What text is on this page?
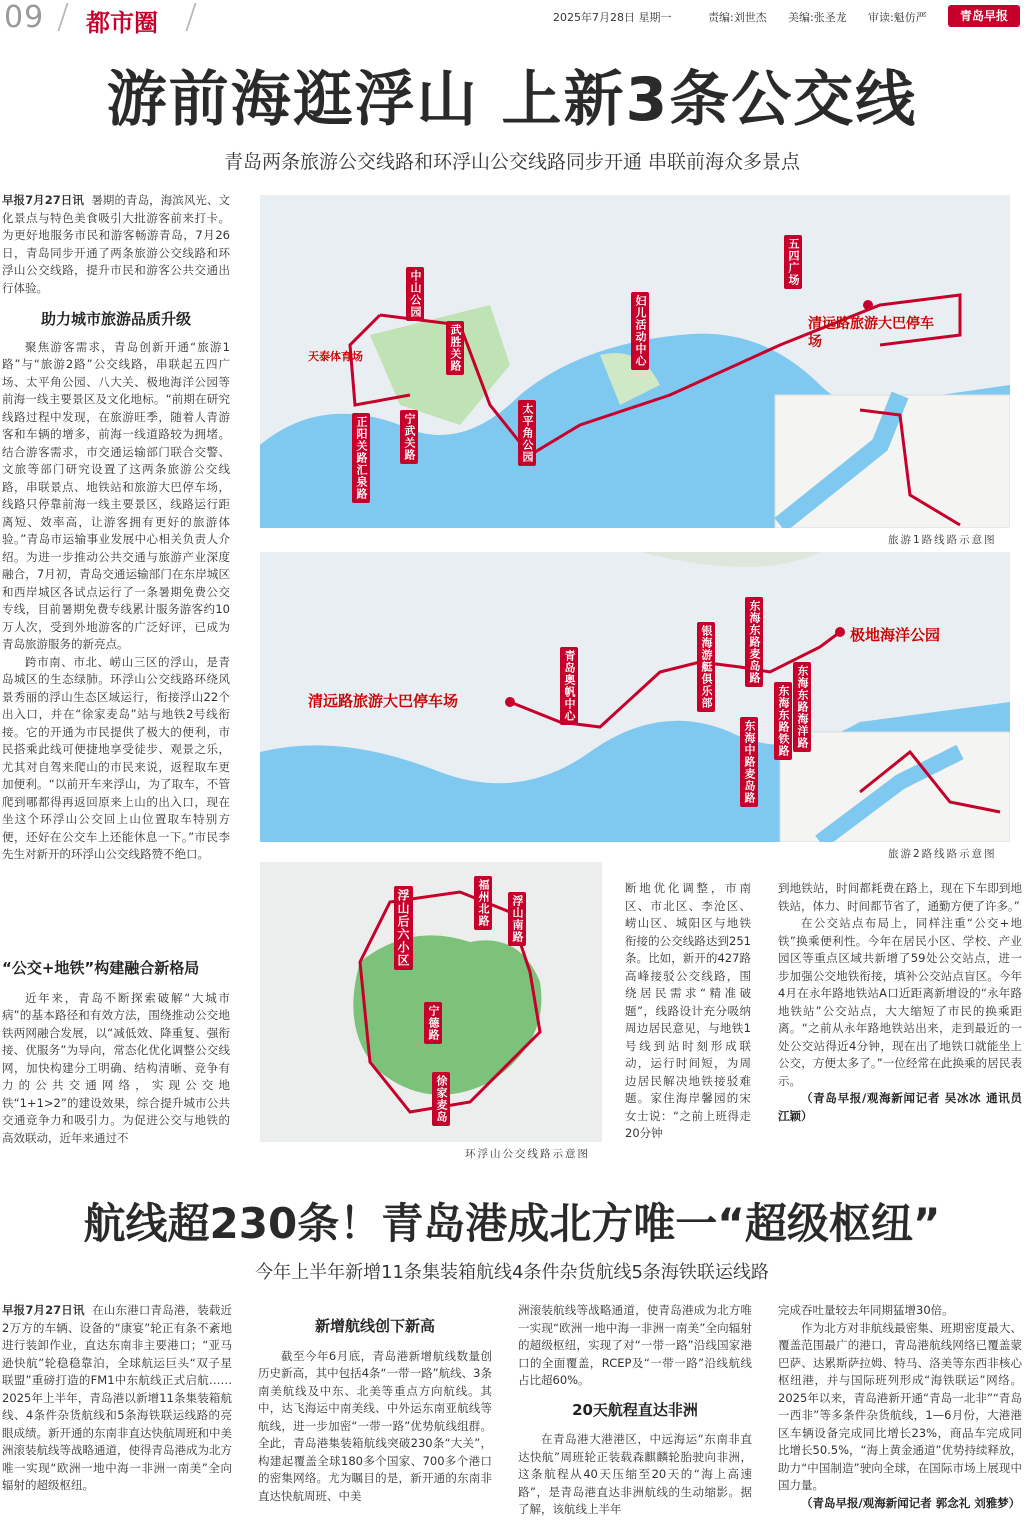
09 都市圈	2025年7月28日 星期一	责编:刘世杰 美编:张圣龙 审读:魁仿严	青岛早报
游前海逛浮山 上新3条公交线
青岛两条旅游公交线路和环浮山公交线路同步开通 串联前海众多景点

早报7月27日讯 暑期的青岛，海滨风光、文化景点与特色美食吸引大批游客前来打卡。为更好地服务市民和游客畅游青岛，7月26日，青岛同步开通了两条旅游公交线路和环浮山公交线路，提升市民和游客公共交通出行体验。

助力城市旅游品质升级

聚焦游客需求，青岛创新开通“旅游1路”与“旅游2路”公交线路，串联起五四广场、太平角公园、八大关、极地海洋公园等前海一线主要景区及文化地标。“前期在研究线路过程中发现，在旅游旺季，随着人青游客和车辆的增多，前海一线道路较为拥堵。结合游客需求，市交通运输部门联合交警、文旅等部门研究设置了这两条旅游公交线路，串联景点、地铁站和旅游大巴停车场，线路只停靠前海一线主要景区，线路运行距离短、效率高，让游客拥有更好的旅游体验。”青岛市运输事业发展中心相关负责人介绍。为进一步推动公共交通与旅游产业深度融合，7月初，青岛交通运输部门在东岸城区和西岸城区各试点运行了一条暑期免费公交专线，目前暑期免费专线累计服务游客约10万人次，受到外地游客的广泛好评，已成为青岛旅游服务的新亮点。

跨市南、市北、崂山三区的浮山，是青岛城区的生态绿肺。环浮山公交线路环绕风景秀丽的浮山生态区域运行，衔接浮山22个出入口，并在“徐家麦岛”站与地铁2号线衔接。它的开通为市民提供了极大的便利，市民搭乘此线可便捷地享受徒步、观景之乐，尤其对自驾来爬山的市民来说，返程取车更加便利。“以前开车来浮山，为了取车，不管爬到哪都得再返回原来上山的出入口，现在坐这个环浮山公交回上山位置取车特别方便，还好在公交车上还能休息一下。”市民李先生对新开的环浮山公交线路赞不绝口。

“公交+地铁”构建融合新格局

近年来，青岛不断探索破解“大城市病”的基本路径和有效方法，围绕推动公交地铁两网融合发展，以“减低效、降重复、强衔接、优服务”为导向，常态化优化调整公交线网，加快构建分工明确、结构清晰、竞争有力的公共交通网络，实现公交地铁“1+1>2”的建设效果，综合提升城市公共交通竞争力和吸引力。为促进公交与地铁的高效联动，近年来通过不

天泰体育场
中山公园
武胜关路
正阳关路汇泉路	宁武关路	太平角公园
妇儿活动中心
五四广场
清远路旅游大巴停车场
旅游1路线路示意图
清远路旅游大巴停车场	青岛奥帆中心	银海游艇俱乐部	东海东路麦岛路
东海中路麦岛路 东海东路铁路 东海东路海洋路
极地海洋公园
旅游2路线路示意图
浮山后六小区
徐家麦岛
宁德路
福州北路 浮山南路
环浮山公交线路示意图

断地优化调整，市南区、市北区、李沧区、崂山区、城阳区与地铁衔接的公交线路达到251条。比如，新开的427路高峰接驳公交线路，围绕居民需求“精准破题”，线路设计充分吸纳周边居民意见，与地铁1号线到站时刻形成联动，运行时间短，为周边居民解决地铁接驳难题。家住海岸馨园的宋女士说：“之前上班得走20分钟

到地铁站，时间都耗费在路上，现在下车即到地铁站，体力、时间都节省了，通勤方便了许多。”

在公交站点布局上，同样注重“公交+地铁”换乘便利性。今年在居民小区、学校、产业园区等重点区域共新增了59处公交站点，进一步加强公交地铁衔接，填补公交站点盲区。今年4月在永年路地铁站A口近距离新增设的“永年路地铁站”公交站点，大大缩短了市民的换乘距离。“之前从永年路地铁站出来，走到最近的一处公交站得近4分钟，现在出了地铁口就能坐上公交，方便太多了。”一位经常在此换乘的居民表示。

（青岛早报/观海新闻记者 吴冰冰 通讯员 江颖）

航线超230条！青岛港成北方唯一“超级枢纽”
今年上半年新增11条集装箱航线4条件杂货航线5条海铁联运线路

早报7月27日讯 在山东港口青岛港，装载近2万方的车辆、设备的“康宴”轮正有条不紊地进行装卸作业，直达东南非主要港口；“亚马逊快航”轮稳稳靠泊，全球航运巨头“双子星联盟”重磅打造的FM1中东航线正式启航……2025年上半年，青岛港以新增11条集装箱航线、4条件杂货航线和5条海铁联运线路的亮眼成绩。新开通的东南非直达快航周班和中美洲滚装航线等战略通道，使得青岛港成为北方唯一实现“欧洲一地中海一非洲一南美”全向辐射的超级枢纽。

新增航线创下新高

截至今年6月底，青岛港新增航线数量创历史新高，其中包括4条“一带一路”航线、3条南美航线及中东、北美等重点方向航线。其中，达飞海运中南美线、中外运东南亚航线等航线，进一步加密“一带一路”优势航线组群。全此，青岛港集装箱航线突破230条“大关”，构建起覆盖全球180多个国家、700多个港口的密集网络。尤为瞩目的是，新开通的东南非直达快航周班、中美

洲滚装航线等战略通道，使青岛港成为北方唯一实现“欧洲一地中海一非洲一南美”全向辐射的超级枢纽，实现了对“一带一路”沿线国家港口的全面覆盖，RCEP及“一带一路”沿线航线占比超60%。

20天航程直达非洲

在青岛港大港港区，中远海运“东南非直达快航”周班轮正装载森麒麟轮胎驶向非洲，这条航程从40天压缩至20天的“海上高速路”，是青岛港直达非洲航线的生动缩影。据了解，该航线上半年

完成吞吐量较去年同期猛增30倍。

作为北方对非航线最密集、班期密度最大、覆盖范围最广的港口，青岛港航线网络已覆盖蒙巴萨、达累斯萨拉姆、特马、洛美等东西非核心枢纽港，并与国际班列形成“海铁联运”网络。2025年以来，青岛港新开通“青岛一北非”“青岛一西非”等多条件杂货航线，1—6月份，大港港区车辆设备完成同比增长23%，商品车完成同比增长50.5%，“海上黄金通道”优势持续释放，助力“中国制造”驶向全球，在国际市场上展现中国力量。

（青岛早报/观海新闻记者 郭念礼 刘雅梦）
